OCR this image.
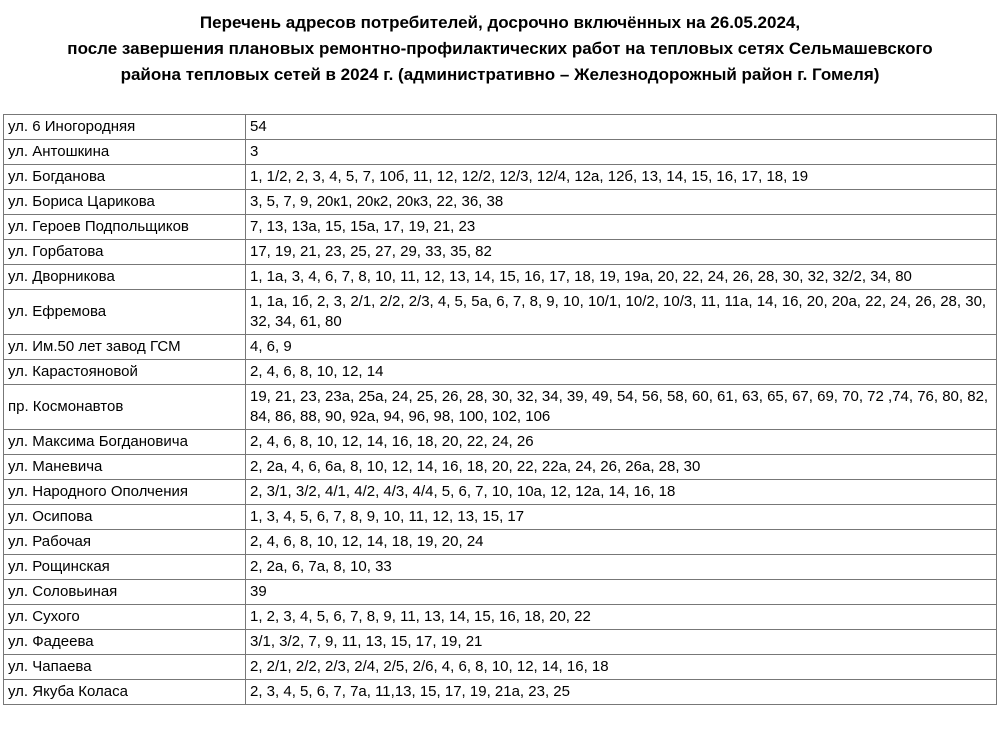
Перечень адресов потребителей, досрочно включённых на 26.05.2024,
после завершения плановых ремонтно-профилактических работ на тепловых сетях Сельмашевского
района тепловых сетей в 2024 г. (административно – Железнодорожный район г. Гомеля)
ул. 6 Иногородняя	54
ул. Антошкина	3
ул. Богданова	1, 1/2, 2, 3, 4, 5, 7, 10б, 11, 12, 12/2, 12/3, 12/4, 12а, 12б, 13, 14, 15, 16, 17, 18, 19
ул. Бориса Царикова	3, 5, 7, 9, 20к1, 20к2, 20к3, 22, 36, 38
ул. Героев Подпольщиков	7, 13, 13а, 15, 15а, 17, 19, 21, 23
ул. Горбатова	17, 19, 21, 23, 25, 27, 29, 33, 35, 82
ул. Дворникова	1, 1а, 3, 4, 6, 7, 8, 10, 11, 12, 13, 14, 15, 16, 17, 18, 19, 19а, 20, 22, 24, 26, 28, 30, 32, 32/2, 34, 80
ул. Ефремова	1, 1а, 1б, 2, 3, 2/1, 2/2, 2/3, 4, 5, 5а, 6, 7, 8, 9, 10, 10/1, 10/2, 10/3, 11, 11а, 14, 16, 20, 20а, 22, 24, 26, 28, 30, 32, 34, 61, 80
ул. Им.50 лет завод ГСМ	4, 6, 9
ул. Карастояновой	2, 4, 6, 8, 10, 12, 14
пр. Космонавтов	19, 21, 23, 23а, 25а, 24, 25, 26, 28, 30, 32, 34, 39, 49, 54, 56, 58, 60, 61, 63, 65, 67, 69, 70, 72 ,74, 76, 80, 82, 84, 86, 88, 90, 92а, 94, 96, 98, 100, 102, 106
ул. Максима Богдановича	2, 4, 6, 8, 10, 12, 14, 16, 18, 20, 22, 24, 26
ул. Маневича	2, 2а, 4, 6, 6а, 8, 10, 12, 14, 16, 18, 20, 22, 22а, 24, 26, 26а, 28, 30
ул. Народного Ополчения	2, 3/1, 3/2, 4/1, 4/2, 4/3, 4/4, 5, 6, 7, 10, 10а, 12, 12а, 14, 16, 18
ул. Осипова	1, 3, 4, 5, 6, 7, 8, 9, 10, 11, 12, 13, 15, 17
ул. Рабочая	2, 4, 6, 8, 10, 12, 14, 18, 19, 20, 24
ул. Рощинская	2, 2а, 6, 7а, 8, 10, 33
ул. Соловьиная	39
ул. Сухого	1, 2, 3, 4, 5, 6, 7, 8, 9, 11, 13, 14, 15, 16, 18, 20, 22
ул. Фадеева	3/1, 3/2, 7, 9, 11, 13, 15, 17, 19, 21
ул. Чапаева	2, 2/1, 2/2, 2/3, 2/4, 2/5, 2/6, 4, 6, 8, 10, 12, 14, 16, 18
ул. Якуба Коласа	2, 3, 4, 5, 6, 7, 7а, 11,13, 15, 17, 19, 21а, 23, 25
